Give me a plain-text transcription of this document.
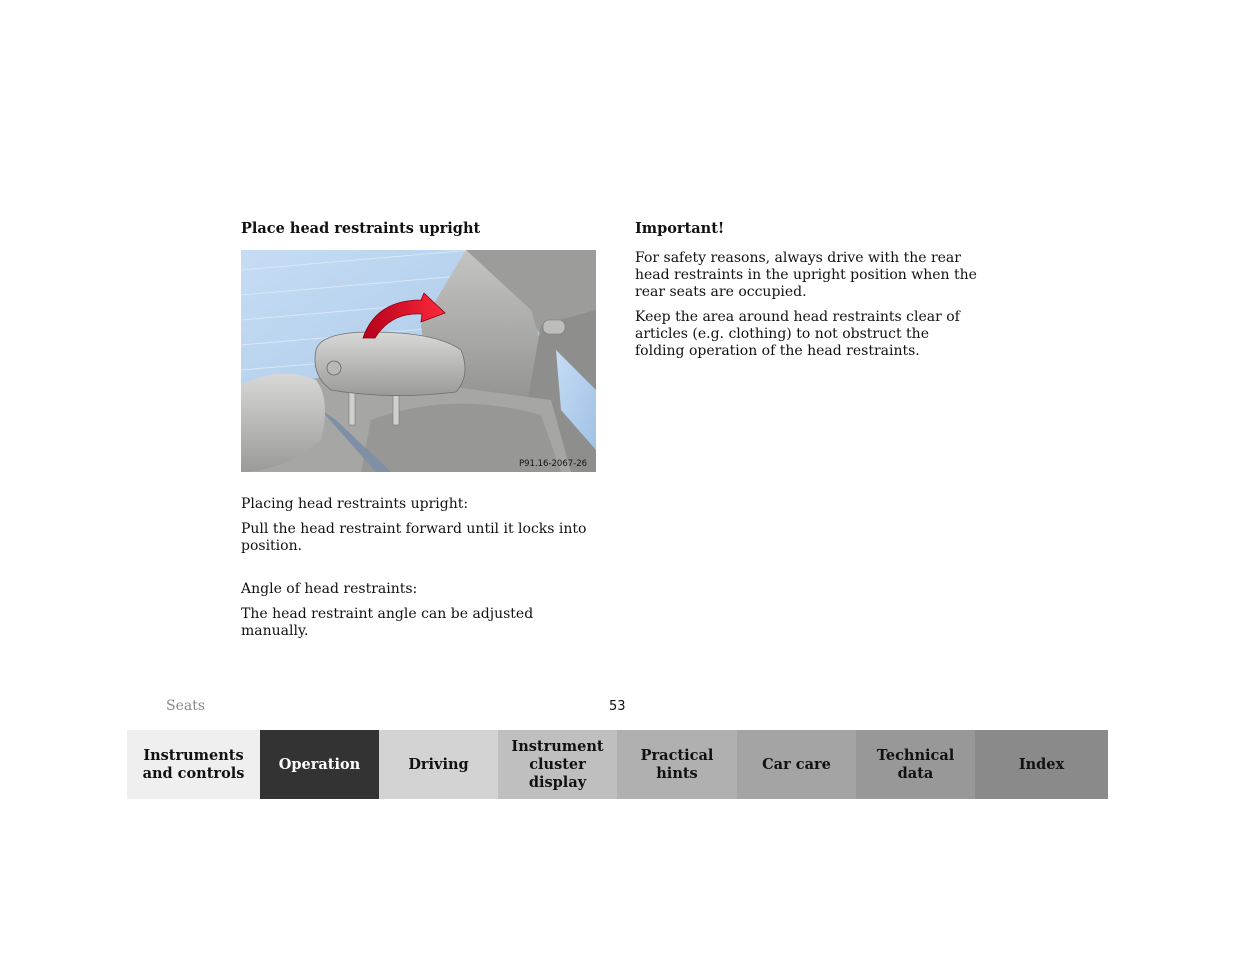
Place head restraints upright
P91.16-2067-26

Placing head restraints upright:

Pull the head restraint forward until it locks into position.

Angle of head restraints:

The head restraint angle can be adjusted manually.

Important!

For safety reasons, always drive with the rear head restraints in the upright position when the rear seats are occupied.

Keep the area around head restraints clear of articles (e.g. clothing) to not obstruct the folding operation of the head restraints.

Seats	53
Instruments
and controls
Operation	Driving
Instrument
cluster display
Practical hints
Car care
Technical
data
Index
